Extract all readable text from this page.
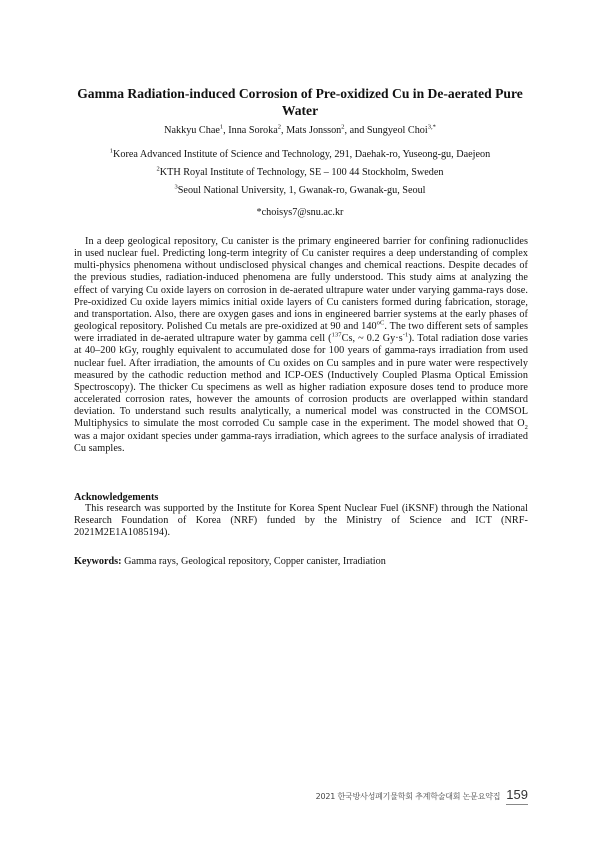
Gamma Radiation-induced Corrosion of Pre-oxidized Cu in De-aerated Pure Water
Nakkyu Chae$^1$, Inna Soroka$^2$, Mats Jonsson$^2$, and Sungyeol Choi$^{3,*}$
$^1$Korea Advanced Institute of Science and Technology, 291, Daehak-ro, Yuseong-gu, Daejeon
$^2$KTH Royal Institute of Technology, SE – 100 44 Stockholm, Sweden
$^3$Seoul National University, 1, Gwanak-ro, Gwanak-gu, Seoul
*choisys7@snu.ac.kr
In a deep geological repository, Cu canister is the primary engineered barrier for confining radionuclides in used nuclear fuel. Predicting long-term integrity of Cu canister requires a deep understanding of complex multi-physics phenomena without undisclosed physical changes and chemical reactions. Despite decades of the previous studies, radiation-induced phenomena are fully understood. This study aims at analyzing the effect of varying Cu oxide layers on corrosion in de-aerated ultrapure water under varying gamma-rays dose. Pre-oxidized Cu oxide layers mimics initial oxide layers of Cu canisters formed during fabrication, storage, and transportation. Also, there are oxygen gases and ions in engineered barrier systems at the early phases of geological repository. Polished Cu metals are pre-oxidized at 90 and $140^{oC}$. The two different sets of samples were irradiated in de-aerated ultrapure water by gamma cell ($^{137}$Cs, ~ 0.2 $Gy\cdot s^{-1}$). Total radiation dose varies at 40–200 kGy, roughly equivalent to accumulated dose for 100 years of gamma-rays irradiation from used nuclear fuel. After irradiation, the amounts of Cu oxides on Cu samples and in pure water were respectively measured by the cathodic reduction method and ICP-OES (Inductively Coupled Plasma Optical Emission Spectroscopy). The thicker Cu specimens as well as higher radiation exposure doses tend to produce more accelerated corrosion rates, however the amounts of corrosion products are overlapped within standard deviation. To understand such results analytically, a numerical model was constructed in the COMSOL Multiphysics to simulate the most corroded Cu sample case in the experiment. The model showed that $O_2$ was a major oxidant species under gamma-rays irradiation, which agrees to the surface analysis of irradiated Cu samples.
Acknowledgements
This research was supported by the Institute for Korea Spent Nuclear Fuel (iKSNF) through the National Research Foundation of Korea (NRF) funded by the Ministry of Science and ICT (NRF-2021M2E1A1085194).
Keywords: Gamma rays, Geological repository, Copper canister, Irradiation
2021 한국방사성폐기물학회 추계학술대회 논문요약집 159
